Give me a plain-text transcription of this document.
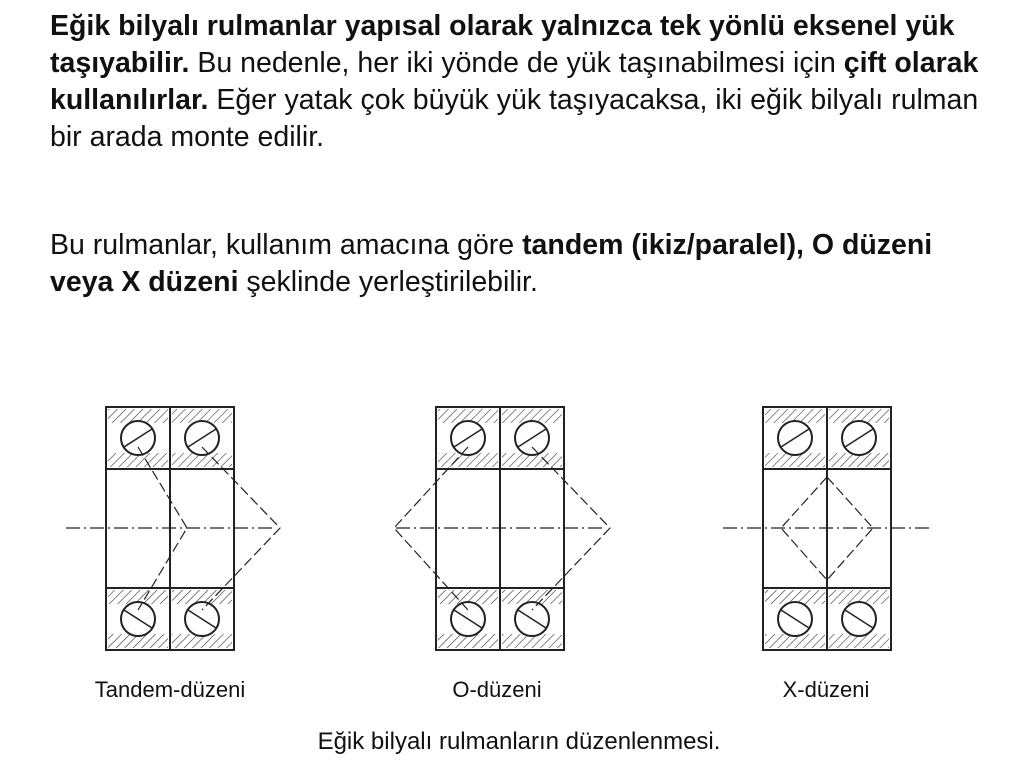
Eğik bilyalı rulmanlar yapısal olarak yalnızca tek yönlü eksenel yük taşıyabilir. Bu nedenle, her iki yönde de yük taşınabilmesi için çift olarak kullanılırlar. Eğer yatak çok büyük yük taşıyacaksa, iki eğik bilyalı rulman bir arada monte edilir.

Bu rulmanlar, kullanım amacına göre tandem (ikiz/paralel), O düzeni veya X düzeni şeklinde yerleştirilebilir.

Tandem-düzeni	O-düzeni	X-düzeni
Eğik bilyalı rulmanların düzenlenmesi.
